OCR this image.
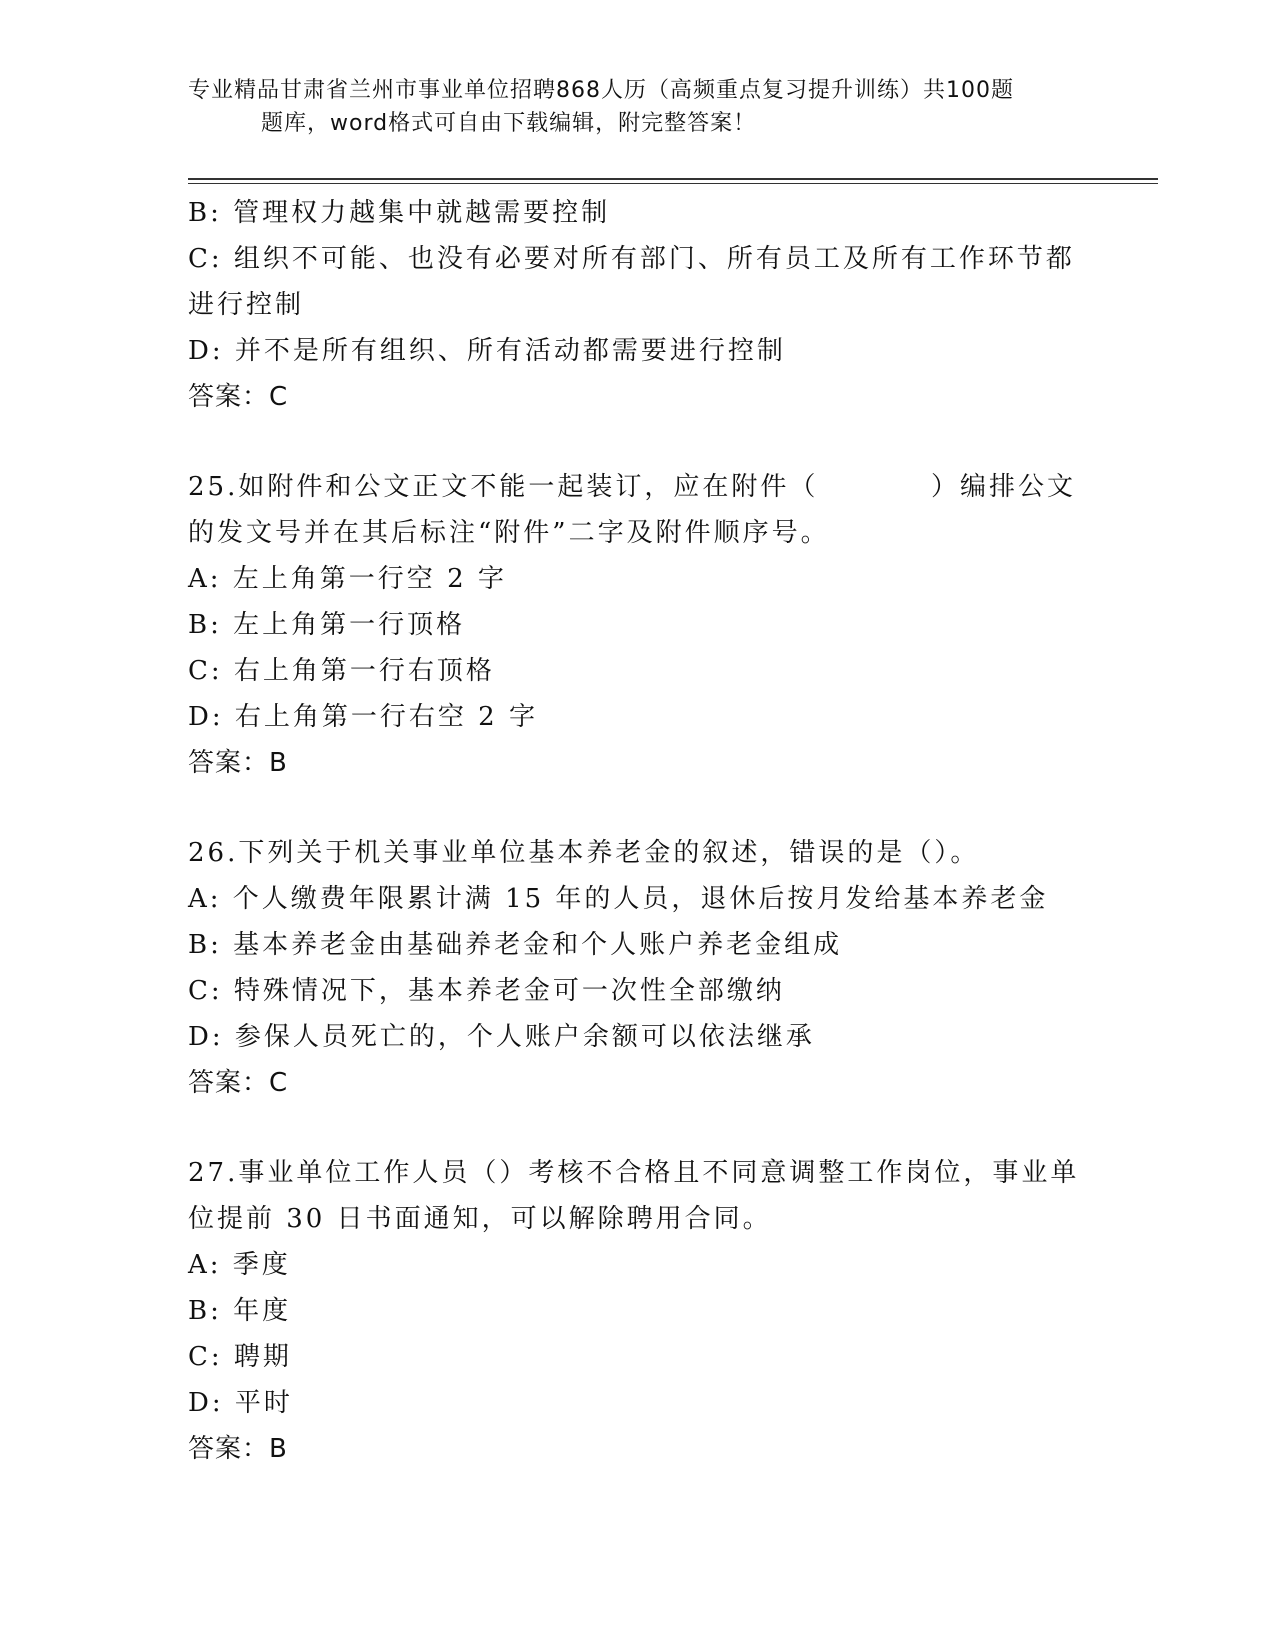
专业精品甘肃省兰州市事业单位招聘868人历（高频重点复习提升训练）共100题
题库，word格式可自由下载编辑，附完整答案！
B: 管理权力越集中就越需要控制
C: 组织不可能、也没有必要对所有部门、所有员工及所有工作环节都
进行控制
D: 并不是所有组织、所有活动都需要进行控制
答案：C
25.如附件和公文正文不能一起装订，应在附件（          ）编排公文
的发文号并在其后标注“附件”二字及附件顺序号。
A: 左上角第一行空 2 字
B: 左上角第一行顶格
C: 右上角第一行右顶格
D: 右上角第一行右空 2 字
答案：B
26.下列关于机关事业单位基本养老金的叙述，错误的是（）。
A: 个人缴费年限累计满 15 年的人员，退休后按月发给基本养老金
B: 基本养老金由基础养老金和个人账户养老金组成
C: 特殊情况下，基本养老金可一次性全部缴纳
D: 参保人员死亡的，个人账户余额可以依法继承
答案：C
27.事业单位工作人员（）考核不合格且不同意调整工作岗位，事业单
位提前 30 日书面通知，可以解除聘用合同。
A: 季度
B: 年度
C: 聘期
D: 平时
答案：B
